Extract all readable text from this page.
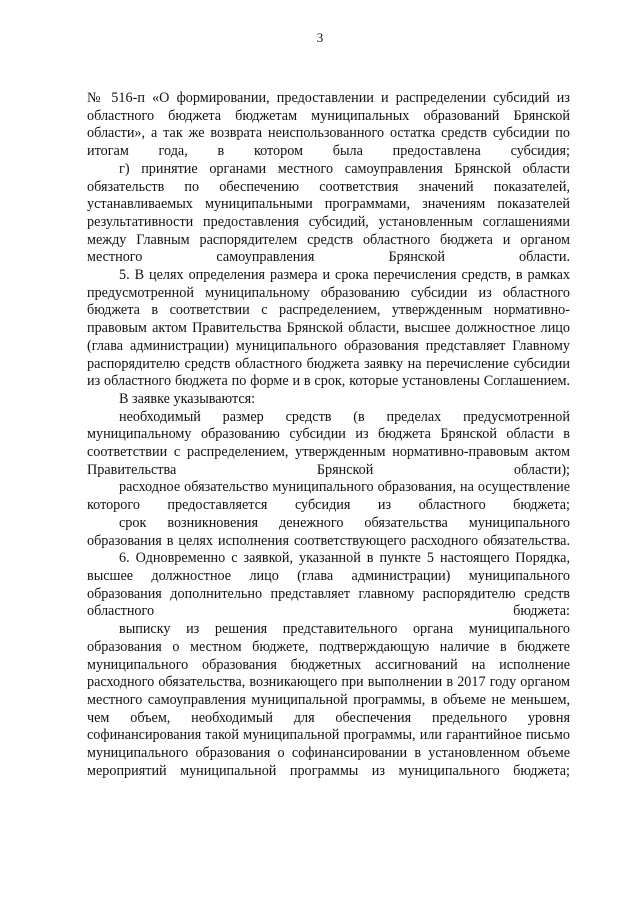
3

№ 516-п «О формировании, предоставлении и распределении субсидий из областного бюджета бюджетам муниципальных образований Брянской области», а так же возврата неиспользованного остатка средств субсидии по итогам года, в котором была предоставлена субсидия;

г) принятие органами местного самоуправления Брянской области обязательств по обеспечению соответствия значений показателей, устанавливаемых муниципальными программами, значениям показателей результативности предоставления субсидий, установленным соглашениями между Главным распорядителем средств областного бюджета и органом местного самоуправления Брянской области.

5. В целях определения размера и срока перечисления средств, в рамках предусмотренной муниципальному образованию субсидии из областного бюджета в соответствии с распределением, утвержденным нормативно-правовым актом Правительства Брянской области, высшее должностное лицо (глава администрации) муниципального образования представляет Главному распорядителю средств областного бюджета заявку на перечисление субсидии из областного бюджета по форме и в срок, которые установлены Соглашением.

В заявке указываются:

необходимый размер средств (в пределах предусмотренной муниципальному образованию субсидии из бюджета Брянской области в соответствии с распределением, утвержденным нормативно-правовым актом Правительства Брянской области);

расходное обязательство муниципального образования, на осуществление которого предоставляется субсидия из областного бюджета;

срок возникновения денежного обязательства муниципального образования в целях исполнения соответствующего расходного обязательства.

6. Одновременно с заявкой, указанной в пункте 5 настоящего Порядка, высшее должностное лицо (глава администрации) муниципального образования дополнительно представляет главному распорядителю средств областного бюджета:

выписку из решения представительного органа муниципального образования о местном бюджете, подтверждающую наличие в бюджете муниципального образования бюджетных ассигнований на исполнение расходного обязательства, возникающего при выполнении в 2017 году органом местного самоуправления муниципальной программы, в объеме не меньшем, чем объем, необходимый для обеспечения предельного уровня софинансирования такой муниципальной программы, или гарантийное письмо муниципального образования о софинансировании в установленном объеме мероприятий муниципальной программы из муниципального бюджета;
